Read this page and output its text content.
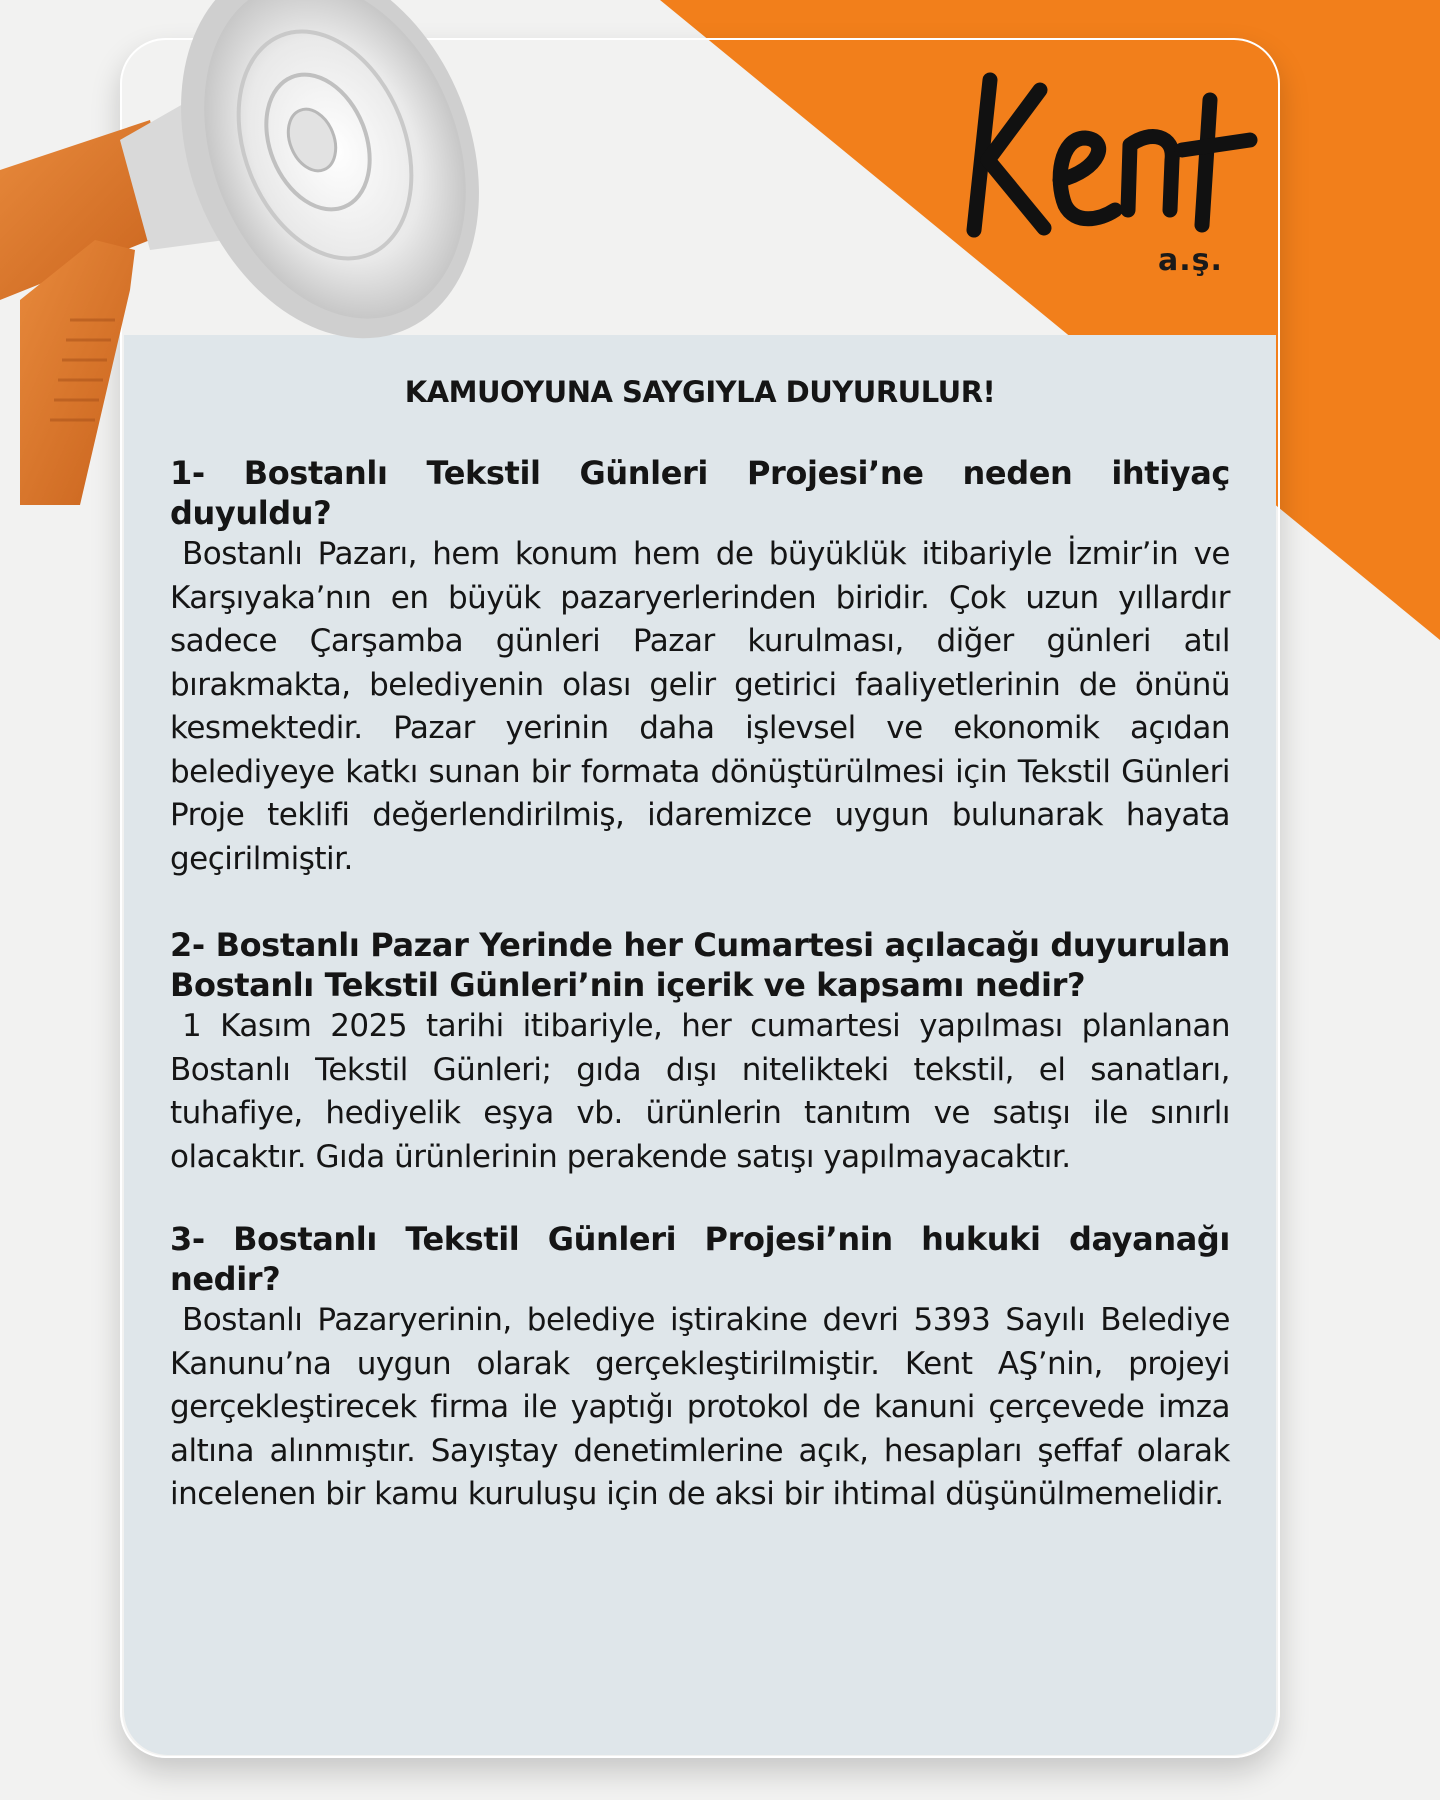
a.ş.
KAMUOYUNA SAYGIYLA DUYURULUR!

1- Bostanlı Tekstil Günleri Projesi’ne neden ihtiyaç duyuldu?

Bostanlı Pazarı, hem konum hem de büyüklük itibariyle İzmir’in ve Karşıyaka’nın en büyük pazaryerlerinden biridir. Çok uzun yıllardır sadece Çarşamba günleri Pazar kurulması, diğer günleri atıl bırakmakta, belediyenin olası gelir getirici faaliyetlerinin de önünü kesmektedir. Pazar yerinin daha işlevsel ve ekonomik açıdan belediyeye katkı sunan bir formata dönüştürülmesi için Tekstil Günleri Proje teklifi değerlendirilmiş, idaremizce uygun bulunarak hayata geçirilmiştir.

2- Bostanlı Pazar Yerinde her Cumartesi açılacağı duyurulan Bostanlı Tekstil Günleri’nin içerik ve kapsamı nedir?

1 Kasım 2025 tarihi itibariyle, her cumartesi yapılması planlanan Bostanlı Tekstil Günleri; gıda dışı nitelikteki tekstil, el sanatları, tuhafiye, hediyelik eşya vb. ürünlerin tanıtım ve satışı ile sınırlı olacaktır. Gıda ürünlerinin perakende satışı yapılmayacaktır.

3- Bostanlı Tekstil Günleri Projesi’nin hukuki dayanağı nedir?

Bostanlı Pazaryerinin, belediye iştirakine devri 5393 Sayılı Belediye Kanunu’na uygun olarak gerçekleştirilmiştir. Kent AŞ’nin, projeyi gerçekleştirecek firma ile yaptığı protokol de kanuni çerçevede imza altına alınmıştır. Sayıştay denetimlerine açık, hesapları şeffaf olarak incelenen bir kamu kuruluşu için de aksi bir ihtimal düşünülmemelidir.
